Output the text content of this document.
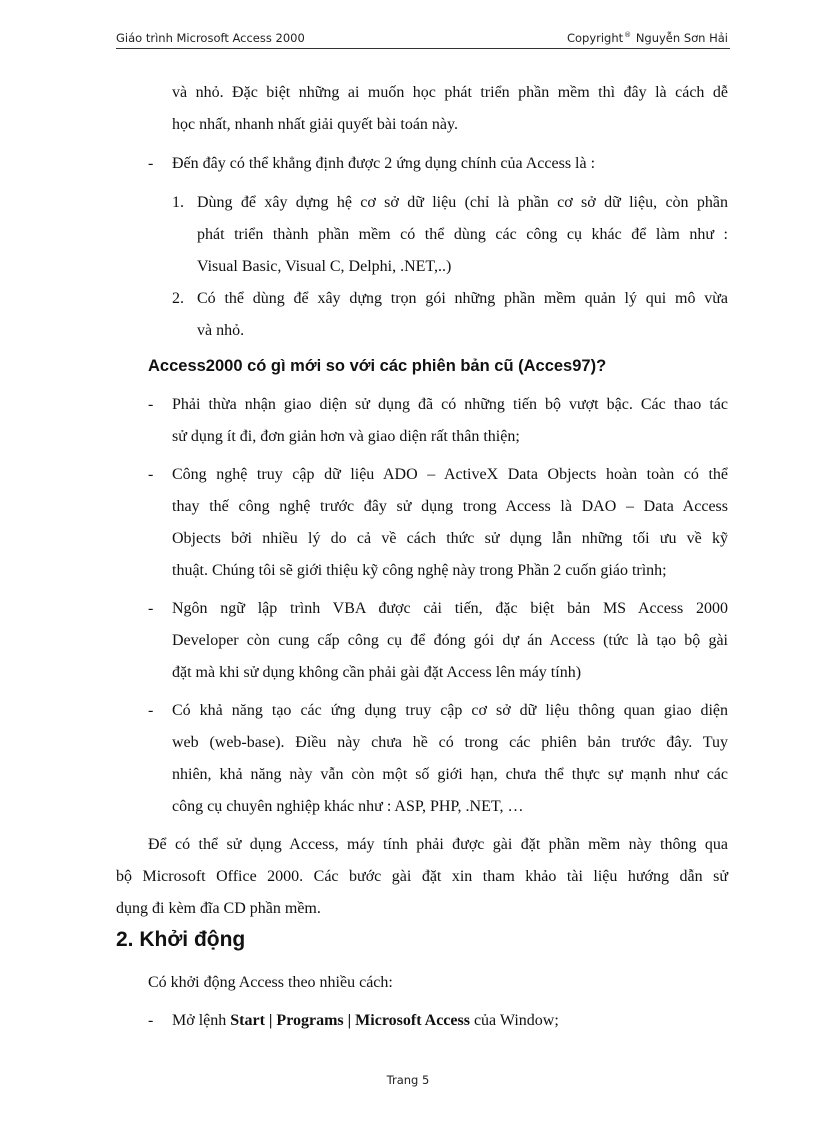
Giáo trình Microsoft Access 2000	Copyright® Nguyễn Sơn Hải
và nhỏ. Đặc biệt những ai muốn học phát triển phần mềm thì đây là cách dễ
học nhất, nhanh nhất giải quyết bài toán này.
- Đến đây có thể khẳng định được 2 ứng dụng chính của Access là :
1. Dùng để xây dựng hệ cơ sở dữ liệu (chỉ là phần cơ sở dữ liệu, còn phần
phát triển thành phần mềm có thể dùng các công cụ khác để làm như :
Visual Basic, Visual C, Delphi, .NET,..)
2. Có thể dùng để xây dựng trọn gói những phần mềm quản lý qui mô vừa
và nhỏ.
Access2000 có gì mới so với các phiên bản cũ (Acces97)?
- Phải thừa nhận giao diện sử dụng đã có những tiến bộ vượt bậc. Các thao tác
sử dụng ít đi, đơn giản hơn và giao diện rất thân thiện;
- Công nghệ truy cập dữ liệu ADO – ActiveX Data Objects hoàn toàn có thể
thay thế công nghệ trước đây sử dụng trong Access là DAO – Data Access
Objects bởi nhiều lý do cả về cách thức sử dụng lẫn những tối ưu về kỹ
thuật. Chúng tôi sẽ giới thiệu kỹ công nghệ này trong Phần 2 cuốn giáo trình;
- Ngôn ngữ lập trình VBA được cải tiến, đặc biệt bản MS Access 2000
Developer còn cung cấp công cụ để đóng gói dự án Access (tức là tạo bộ gài
đặt mà khi sử dụng không cần phải gài đặt Access lên máy tính)
- Có khả năng tạo các ứng dụng truy cập cơ sở dữ liệu thông quan giao diện
web (web-base). Điều này chưa hề có trong các phiên bản trước đây. Tuy
nhiên, khả năng này vẫn còn một số giới hạn, chưa thể thực sự mạnh như các
công cụ chuyên nghiệp khác như : ASP, PHP, .NET, …
Để có thể sử dụng Access, máy tính phải được gài đặt phần mềm này thông qua
bộ Microsoft Office 2000. Các bước gài đặt xin tham khảo tài liệu hướng dẫn sử
dụng đi kèm đĩa CD phần mềm.
2. Khởi động
Có khởi động Access theo nhiều cách:
- Mở lệnh Start | Programs | Microsoft Access của Window;
Trang 5
